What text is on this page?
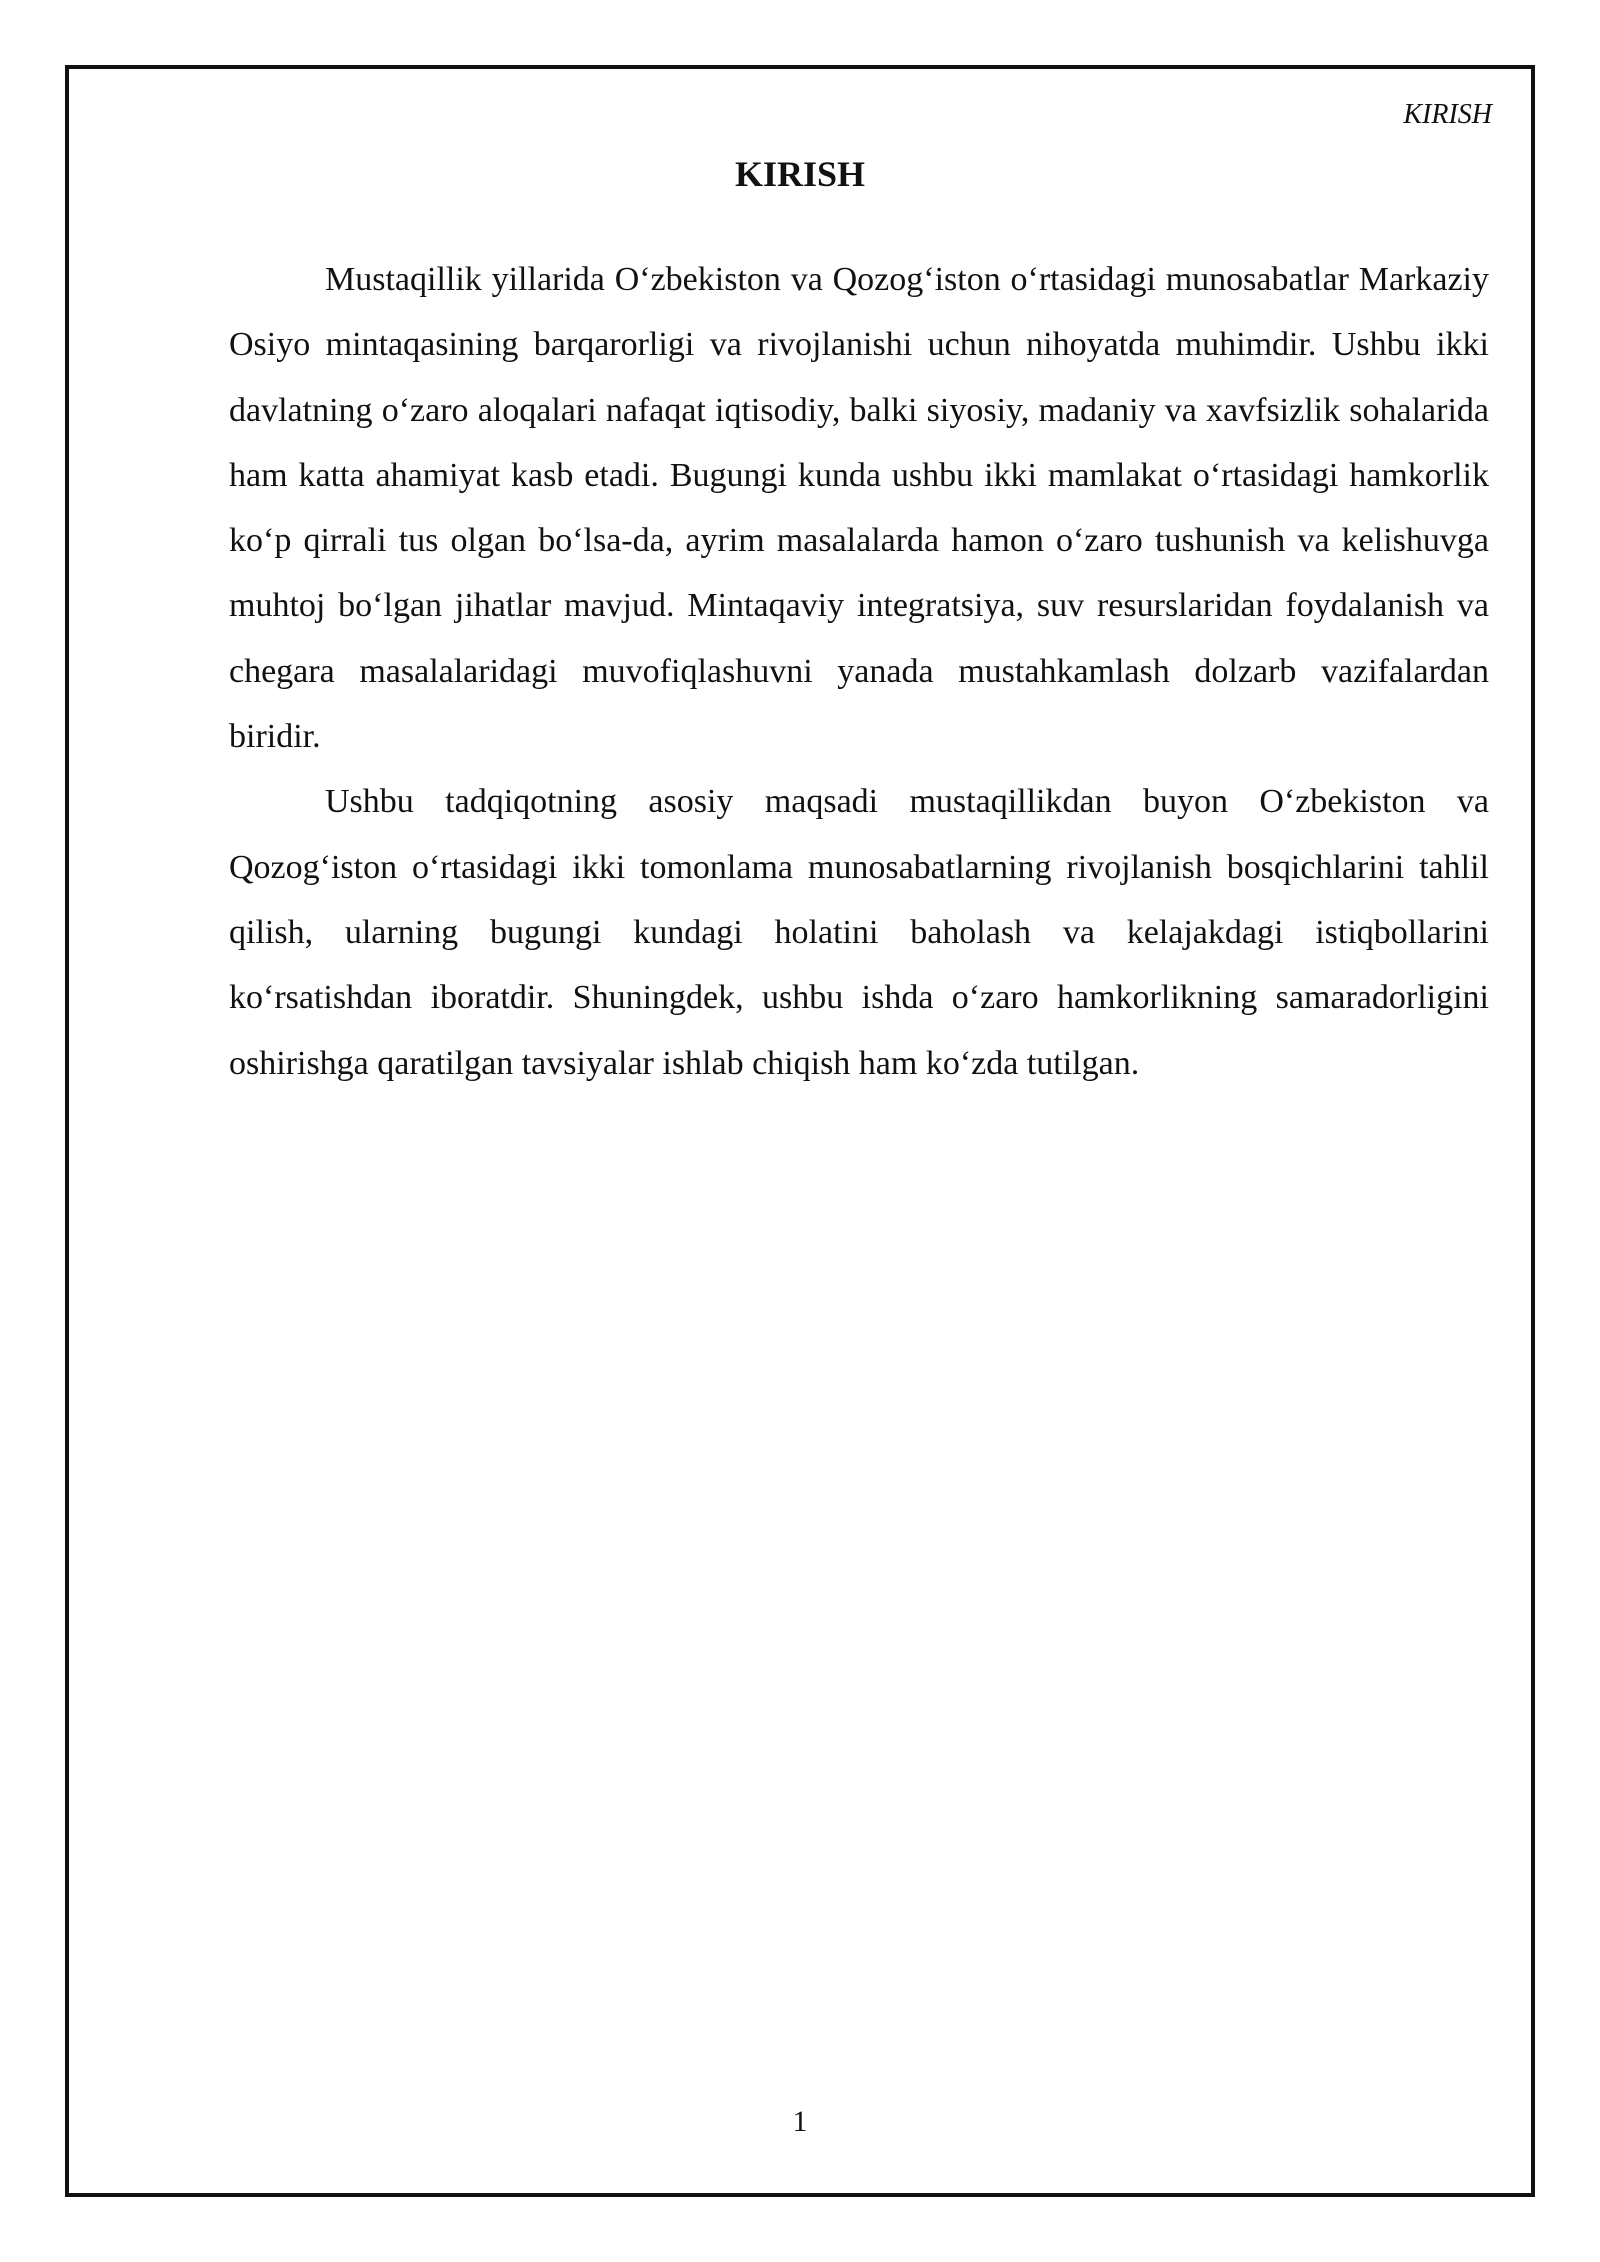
KIRISH
KIRISH

Mustaqillik yillarida O‘zbekiston va Qozog‘iston o‘rtasidagi munosabatlar Markaziy Osiyo mintaqasining barqarorligi va rivojlanishi uchun nihoyatda muhimdir. Ushbu ikki davlatning o‘zaro aloqalari nafaqat iqtisodiy, balki siyosiy, madaniy va xavfsizlik sohalarida ham katta ahamiyat kasb etadi. Bugungi kunda ushbu ikki mamlakat o‘rtasidagi hamkorlik ko‘p qirrali tus olgan bo‘lsa-da, ayrim masalalarda hamon o‘zaro tushunish va kelishuvga muhtoj bo‘lgan jihatlar mavjud. Mintaqaviy integratsiya, suv resurslaridan foydalanish va chegara masalalaridagi muvofiqlashuvni yanada mustahkamlash dolzarb vazifalardan biridir.

Ushbu tadqiqotning asosiy maqsadi mustaqillikdan buyon O‘zbekiston va Qozog‘iston o‘rtasidagi ikki tomonlama munosabatlarning rivojlanish bosqichlarini tahlil qilish, ularning bugungi kundagi holatini baholash va kelajakdagi istiqbollarini ko‘rsatishdan iboratdir. Shuningdek, ushbu ishda o‘zaro hamkorlikning samaradorligini oshirishga qaratilgan tavsiyalar ishlab chiqish ham ko‘zda tutilgan.

1
